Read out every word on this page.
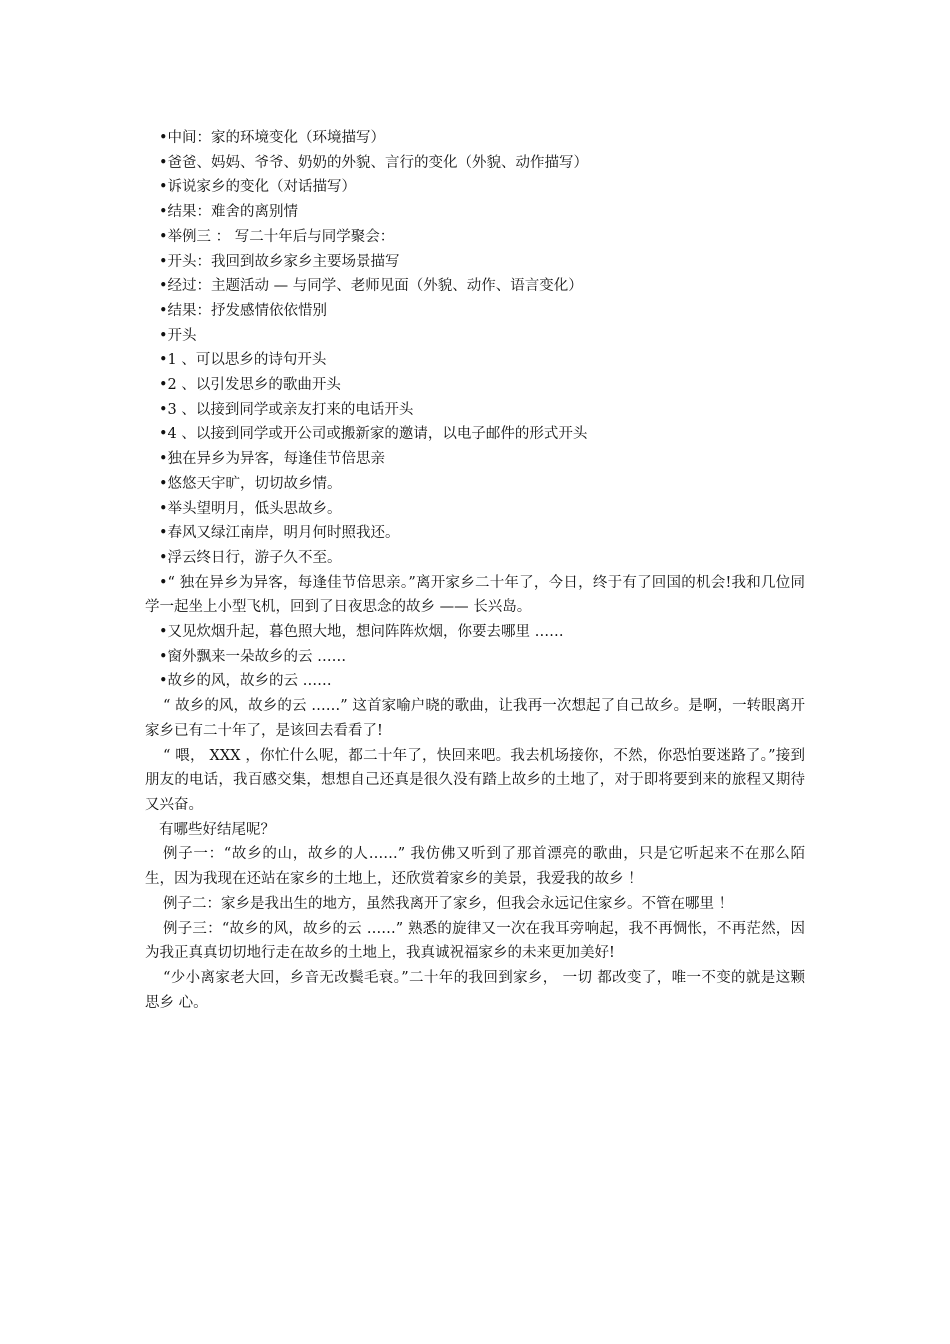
•中间：家的环境变化（环境描写）
•爸爸、妈妈、爷爷、奶奶的外貌、言行的变化（外貌、动作描写）
•诉说家乡的变化（对话描写）
•结果：难舍的离别情
•举例三 ： 写二十年后与同学聚会：
•开头：我回到故乡家乡主要场景描写
•经过：主题活动 — 与同学、老师见面（外貌、动作、语言变化）
•结果：抒发感情依依惜别
•开头
•1 、可以思乡的诗句开头
•2 、以引发思乡的歌曲开头
•3 、以接到同学或亲友打来的电话开头
•4 、以接到同学或开公司或搬新家的邀请，以电子邮件的形式开头
•独在异乡为异客，每逢佳节倍思亲
•悠悠天宇旷，切切故乡情。
•举头望明月，低头思故乡。
•春风又绿江南岸，明月何时照我还。
•浮云终日行，游子久不至。
•“ 独在异乡为异客，每逢佳节倍思亲。”离开家乡二十年了，今日，终于有了回国的机会!我和几位同学一起坐上小型飞机，回到了日夜思念的故乡 —— 长兴岛。
•又见炊烟升起，暮色照大地，想问阵阵炊烟，你要去哪里 ……
•窗外飘来一朵故乡的云 ……
•故乡的风，故乡的云 ……
“ 故乡的风，故乡的云 ……” 这首家喻户晓的歌曲，让我再一次想起了自己故乡。是啊，一转眼离开家乡已有二十年了，是该回去看看了!
“ 喂， XXX ，你忙什么呢，都二十年了，快回来吧。我去机场接你，不然，你恐怕要迷路了。”接到朋友的电话，我百感交集，想想自己还真是很久没有踏上故乡的土地了，对于即将要到来的旅程又期待又兴奋。
有哪些好结尾呢？
例子一：“故乡的山，故乡的人……” 我仿佛又听到了那首漂亮的歌曲，只是它听起来不在那么陌生，因为我现在还站在家乡的土地上，还欣赏着家乡的美景，我爱我的故乡 ！
例子二：家乡是我出生的地方，虽然我离开了家乡，但我会永远记住家乡。不管在哪里 ！
例子三：“故乡的风，故乡的云 ……” 熟悉的旋律又一次在我耳旁响起，我不再惆怅，不再茫然，因为我正真真切切地行走在故乡的土地上，我真诚祝福家乡的未来更加美好!
“少小离家老大回，乡音无改鬓毛衰。”二十年的我回到家乡， 一切 都改变了，唯一不变的就是这颗 思乡 心。
